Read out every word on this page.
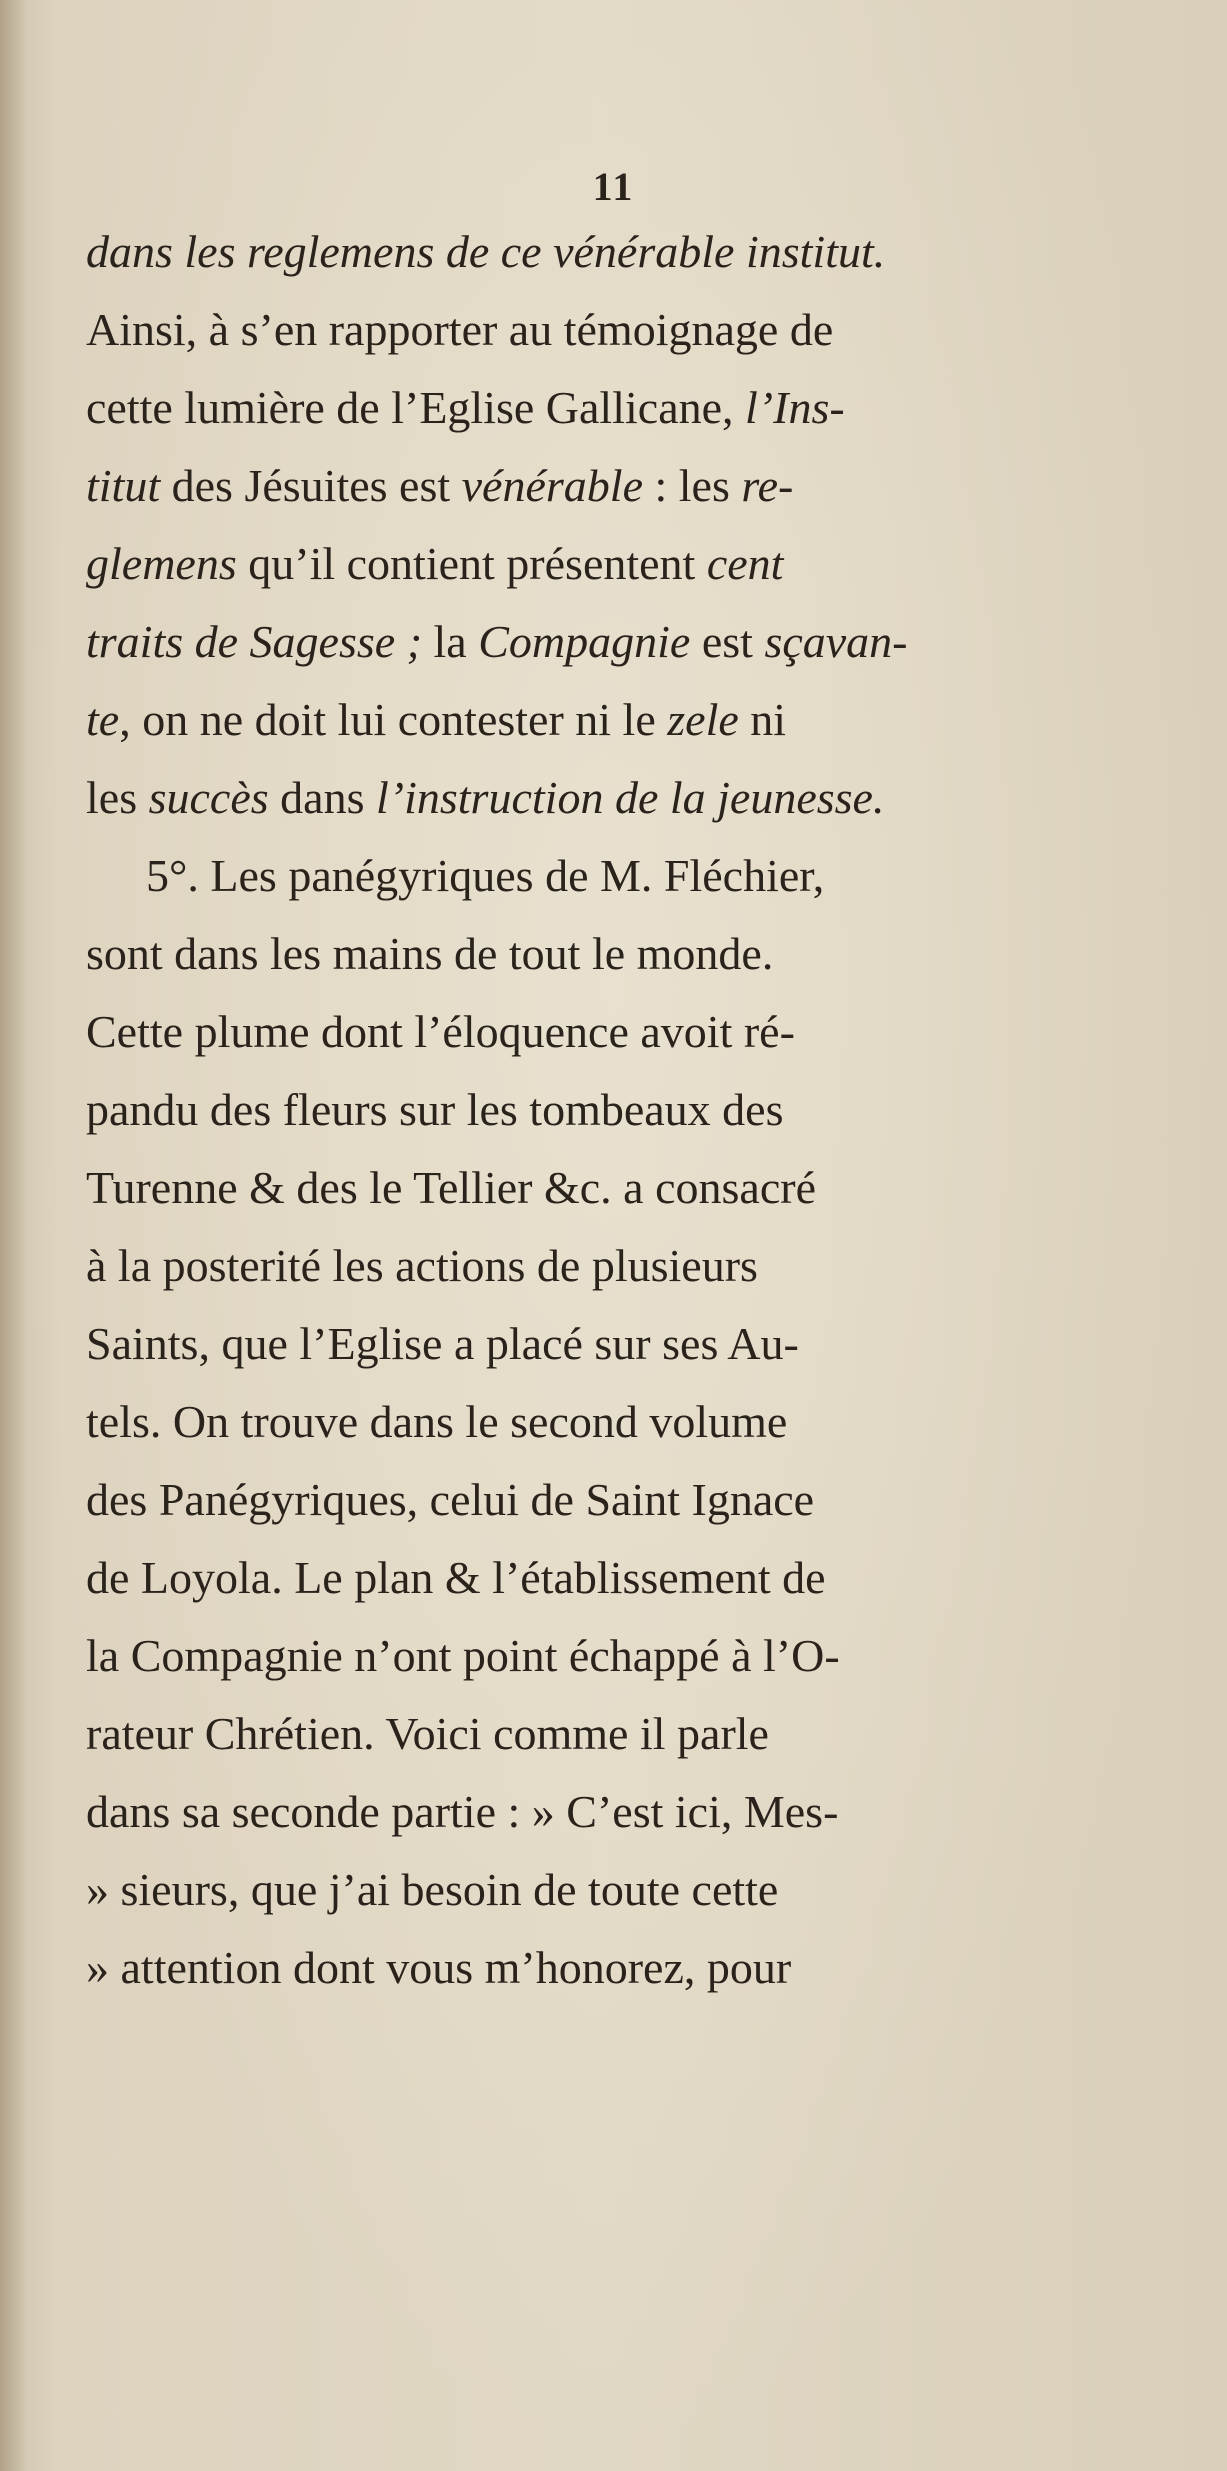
11
dans les reglemens de ce vénérable institut.
Ainsi, à s’en rapporter au témoignage de
cette lumière de l’Eglise Gallicane, l’Ins-
titut des Jésuites est vénérable : les re-
glemens qu’il contient présentent cent
traits de Sagesse ; la Compagnie est sçavan-
te, on ne doit lui contester ni le zele ni
les succès dans l’instruction de la jeunesse.
5°. Les panégyriques de M. Fléchier,
sont dans les mains de tout le monde.
Cette plume dont l’éloquence avoit ré-
pandu des fleurs sur les tombeaux des
Turenne & des le Tellier &c. a consacré
à la posterité les actions de plusieurs
Saints, que l’Eglise a placé sur ses Au-
tels. On trouve dans le second volume
des Panégyriques, celui de Saint Ignace
de Loyola. Le plan & l’établissement de
la Compagnie n’ont point échappé à l’O-
rateur Chrétien. Voici comme il parle
dans sa seconde partie : » C’est ici, Mes-
» sieurs, que j’ai besoin de toute cette
» attention dont vous m’honorez, pour
